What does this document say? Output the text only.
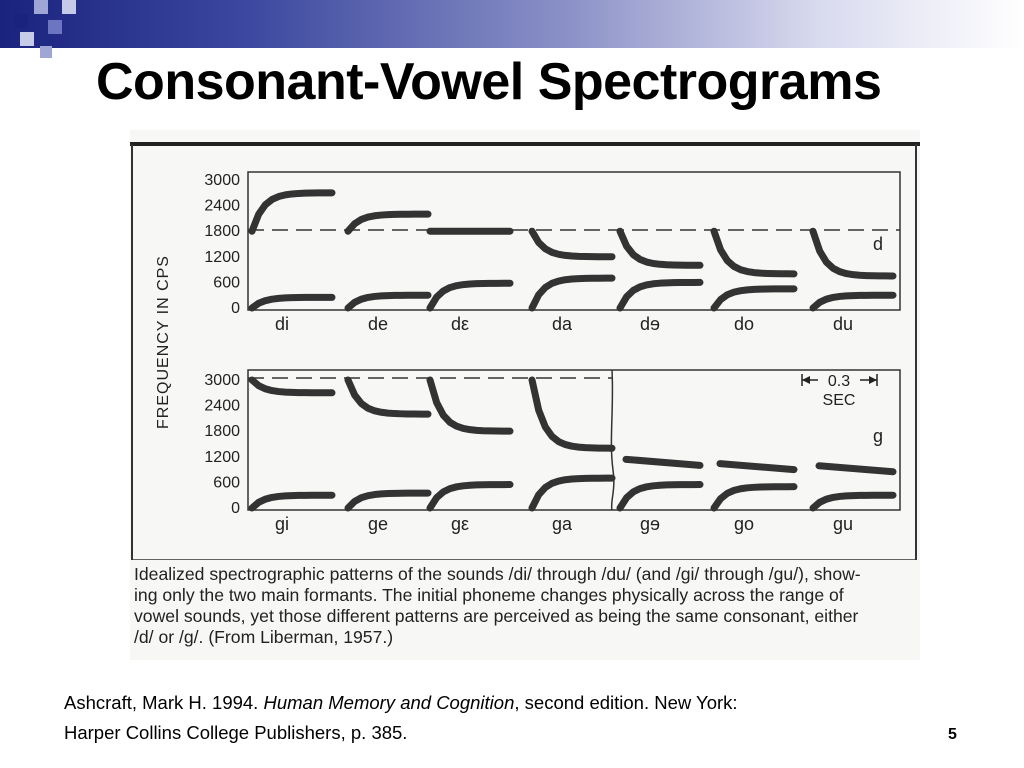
Consonant-Vowel Spectrograms
FREQUENCY IN CPS
3000
2400
1800
1200
600
0
di	de	dε	da	dɘ	do	du
d
3000
2400
1800
1200
600
0
gi	ge	gε	ga	gɘ	go	gu
g
0.3
SEC
Idealized spectrographic patterns of the sounds /di/ through /du/ (and /gi/ through /gu/), show-
ing only the two main formants. The initial phoneme changes physically across the range of
vowel sounds, yet those different patterns are perceived as being the same consonant, either
/d/ or /g/. (From Liberman, 1957.)
Ashcraft, Mark H. 1994. Human Memory and Cognition, second edition. New York:
Harper Collins College Publishers, p. 385.	5
